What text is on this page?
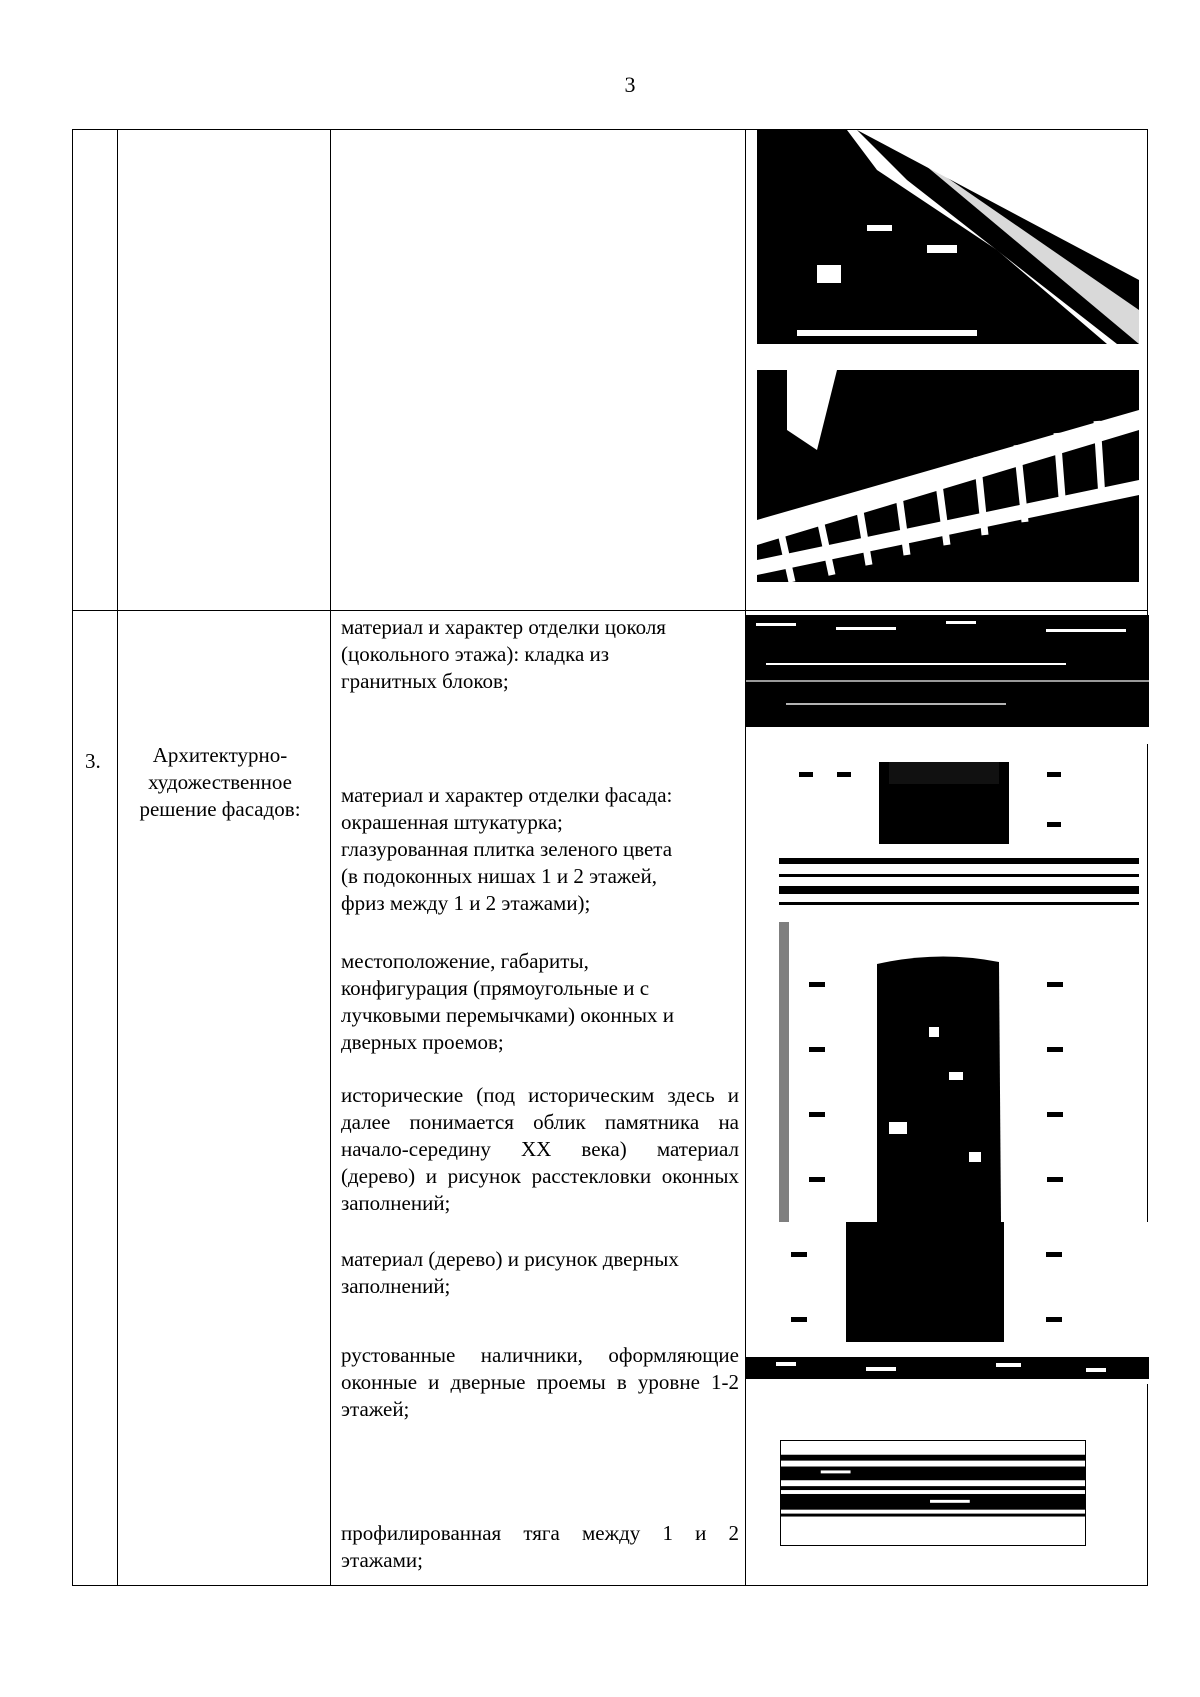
3
3.	Архитектурно-художественное решение фасадов:
материал и характер отделки цоколя
(цокольного этажа): кладка из
гранитных блоков;
материал и характер отделки фасада:
окрашенная штукатурка;
глазурованная плитка зеленого цвета
(в подоконных нишах 1 и 2 этажей,
фриз между 1 и 2 этажами);
местоположение, габариты,
конфигурация (прямоугольные и с
лучковыми перемычками) оконных и
дверных проемов;
исторические (под историческим здесь и далее понимается облик памятника на начало-середину XX века) материал (дерево) и рисунок расстекловки оконных заполнений;
материал (дерево) и рисунок дверных заполнений;
рустованные наличники, оформляющие оконные и дверные проемы в уровне 1-2 этажей;
профилированная тяга между 1 и 2 этажами;
